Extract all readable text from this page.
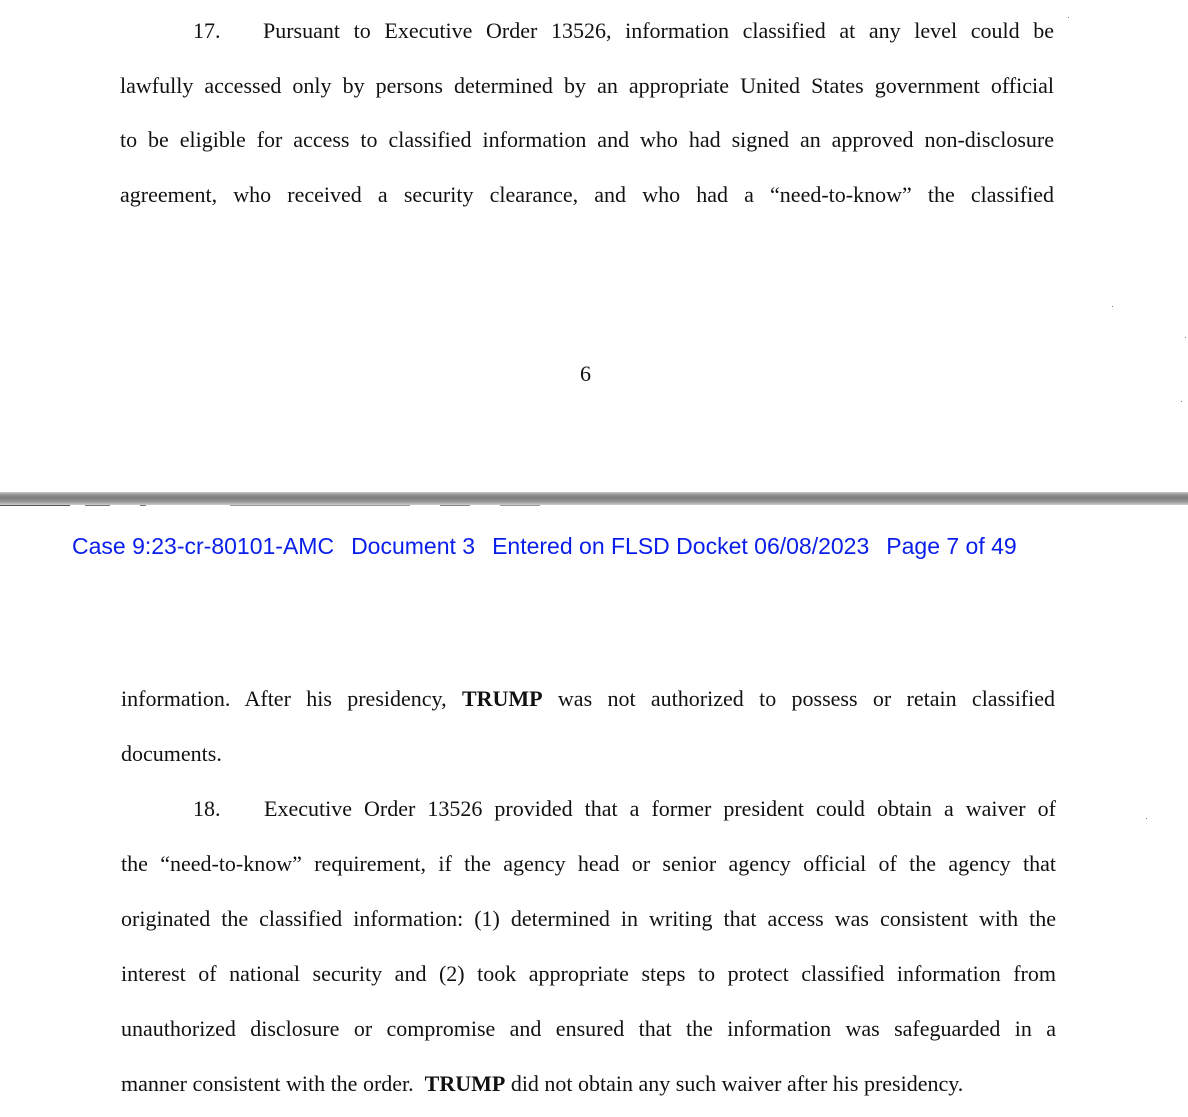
17. Pursuant to Executive Order 13526, information classified at any level could be
lawfully accessed only by persons determined by an appropriate United States government official
to be eligible for access to classified information and who had signed an approved non-disclosure
agreement, who received a security clearance, and who had a “need-to-know” the classified
6
Case 9:23-cr-80101-AMC Document 3 Entered on FLSD Docket 06/08/2023 Page 7 of 49
information. After his presidency, TRUMP was not authorized to possess or retain classified
documents.
18. Executive Order 13526 provided that a former president could obtain a waiver of
the “need-to-know” requirement, if the agency head or senior agency official of the agency that
originated the classified information: (1) determined in writing that access was consistent with the
interest of national security and (2) took appropriate steps to protect classified information from
unauthorized disclosure or compromise and ensured that the information was safeguarded in a
manner consistent with the order.  TRUMP did not obtain any such waiver after his presidency.
